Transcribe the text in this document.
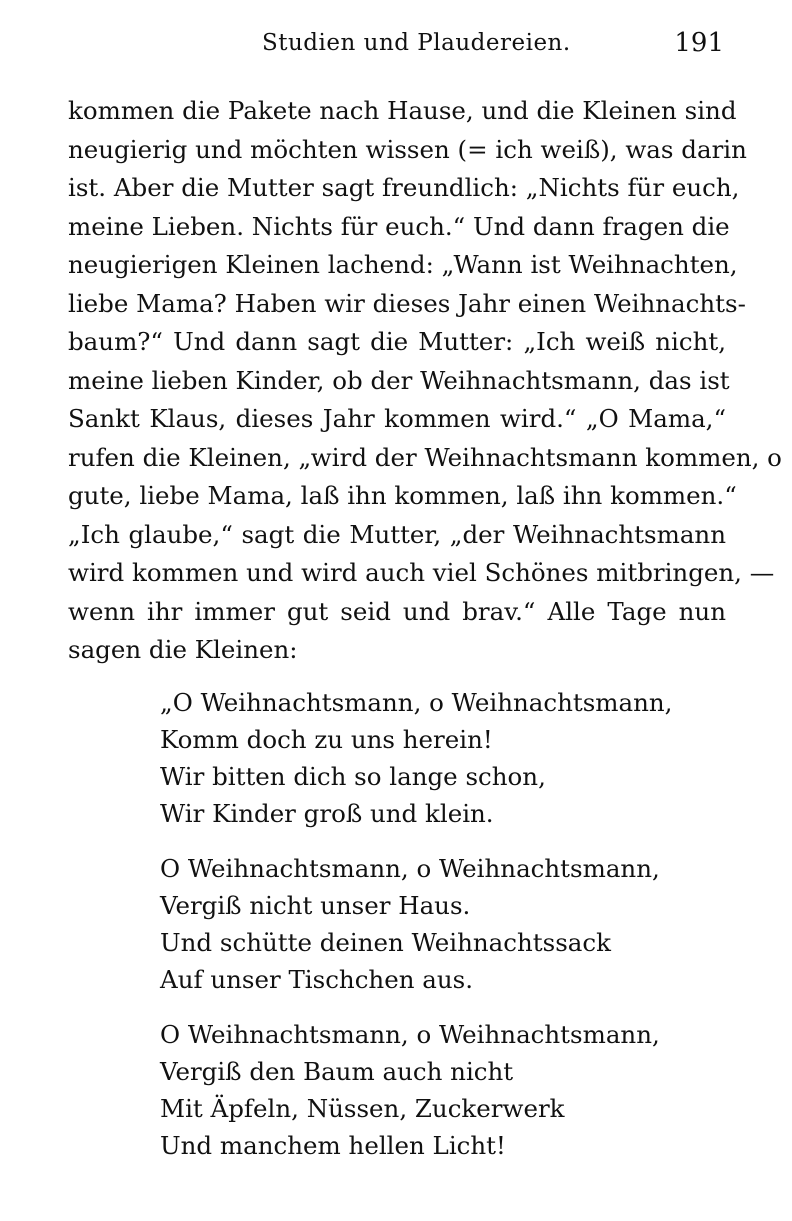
Studien und Plaudereien.	191
kommen die Pakete nach Hause, und die Kleinen sind
neugierig und möchten wissen (= ich weiß), was darin
ist. Aber die Mutter sagt freundlich: „Nichts für euch,
meine Lieben. Nichts für euch.“ Und dann fragen die
neugierigen Kleinen lachend: „Wann ist Weihnachten,
liebe Mama? Haben wir dieses Jahr einen Weihnachts-
baum?“ Und dann sagt die Mutter: „Ich weiß nicht,
meine lieben Kinder, ob der Weihnachtsmann, das ist
Sankt Klaus, dieses Jahr kommen wird.“ „O Mama,“
rufen die Kleinen, „wird der Weihnachtsmann kommen, o
gute, liebe Mama, laß ihn kommen, laß ihn kommen.“
„Ich glaube,“ sagt die Mutter, „der Weihnachtsmann
wird kommen und wird auch viel Schönes mitbringen, —
wenn ihr immer gut seid und brav.“ Alle Tage nun
sagen die Kleinen:
„O Weihnachtsmann, o Weihnachtsmann,
Komm doch zu uns herein!
Wir bitten dich so lange schon,
Wir Kinder groß und klein.
O Weihnachtsmann, o Weihnachtsmann,
Vergiß nicht unser Haus.
Und schütte deinen Weihnachtssack
Auf unser Tischchen aus.
O Weihnachtsmann, o Weihnachtsmann,
Vergiß den Baum auch nicht
Mit Äpfeln, Nüssen, Zuckerwerk
Und manchem hellen Licht!
